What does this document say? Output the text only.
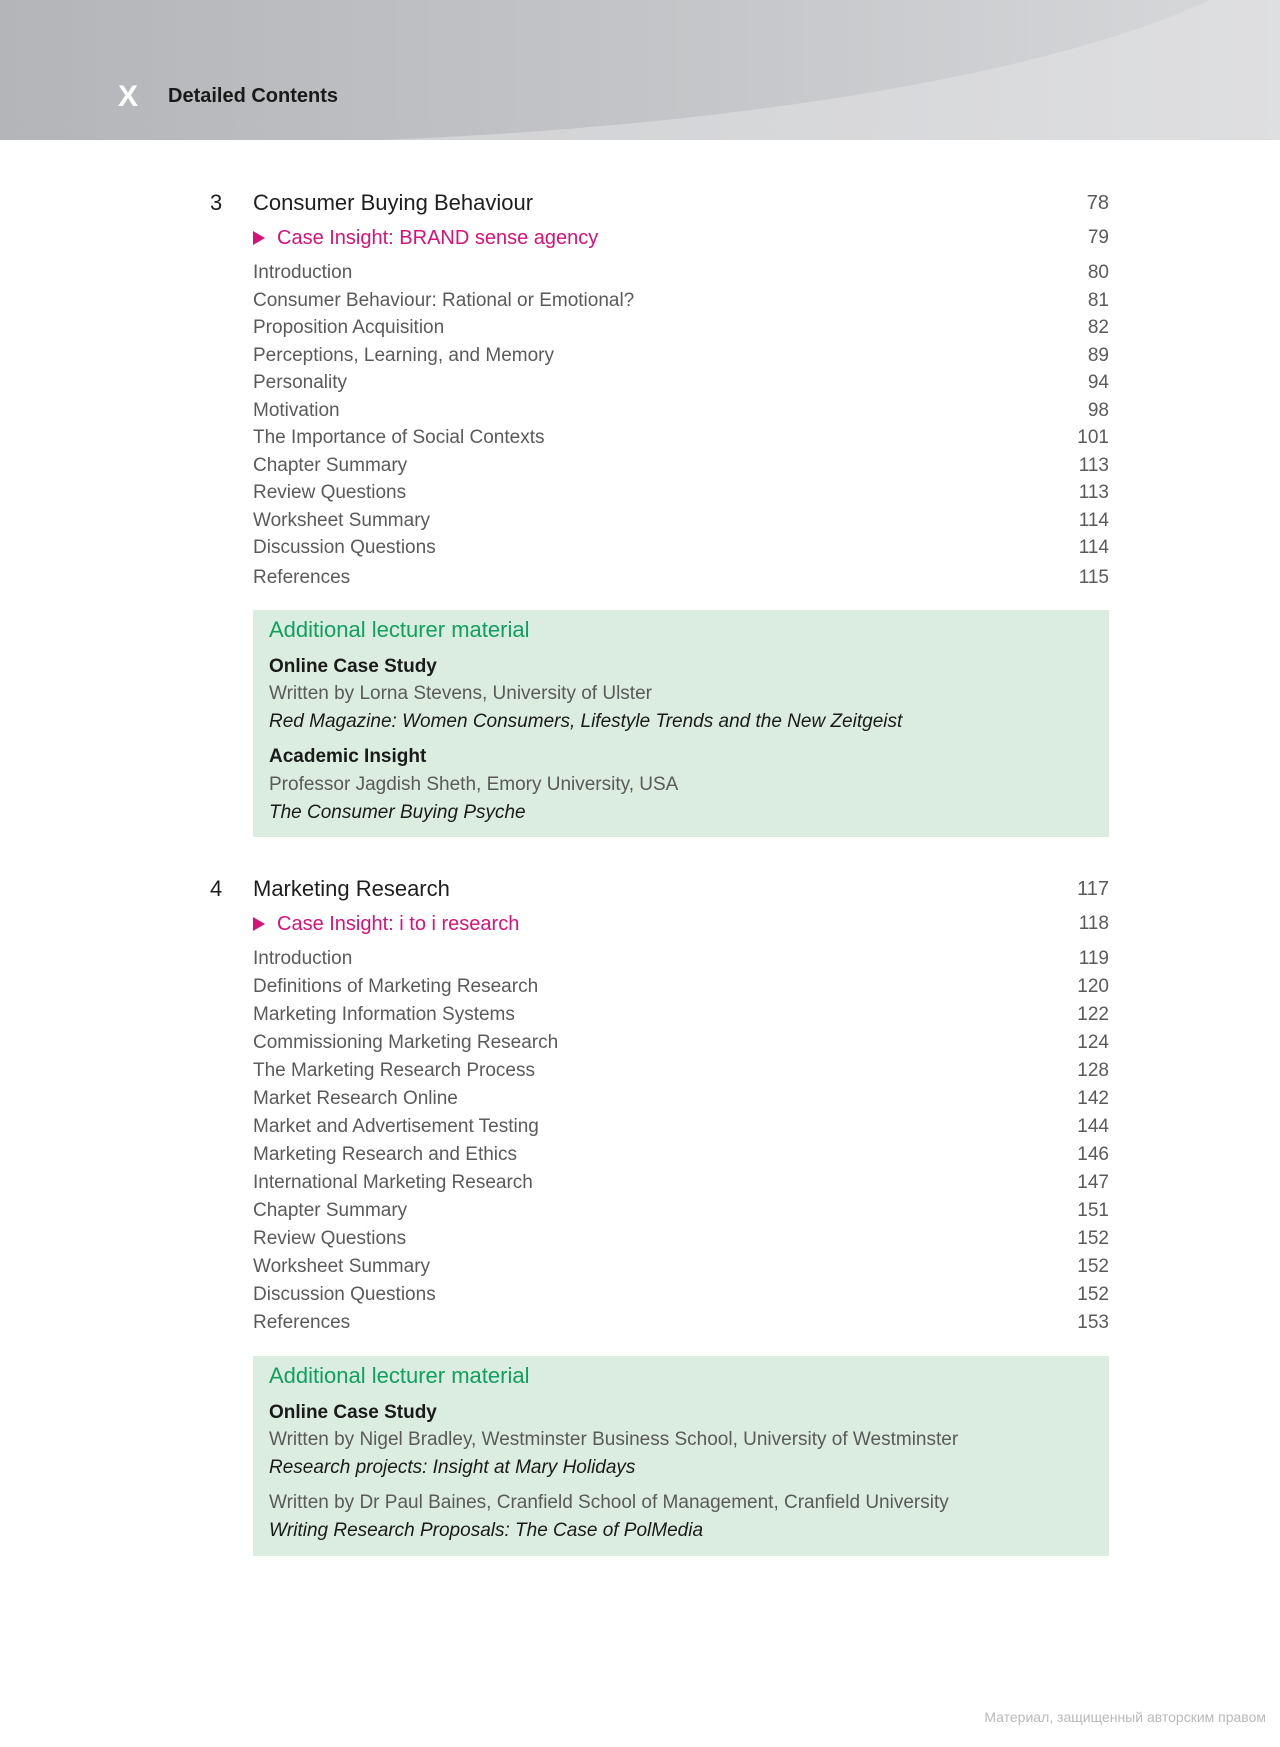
X Detailed Contents
3 Consumer Buying Behaviour	78
Case Insight: BRAND sense agency	79
Introduction	80
Consumer Behaviour: Rational or Emotional?	81
Proposition Acquisition	82
Perceptions, Learning, and Memory	89
Personality	94
Motivation	98
The Importance of Social Contexts	101
Chapter Summary	113
Review Questions	113
Worksheet Summary	114
Discussion Questions	114
References	115
Additional lecturer material
Online Case Study
Written by Lorna Stevens, University of Ulster
Red Magazine: Women Consumers, Lifestyle Trends and the New Zeitgeist
Academic Insight
Professor Jagdish Sheth, Emory University, USA
The Consumer Buying Psyche
4 Marketing Research	117
Case Insight: i to i research	118
Introduction	119
Definitions of Marketing Research	120
Marketing Information Systems	122
Commissioning Marketing Research	124
The Marketing Research Process	128
Market Research Online	142
Market and Advertisement Testing	144
Marketing Research and Ethics	146
International Marketing Research	147
Chapter Summary	151
Review Questions	152
Worksheet Summary	152
Discussion Questions	152
References	153
Additional lecturer material
Online Case Study
Written by Nigel Bradley, Westminster Business School, University of Westminster
Research projects: Insight at Mary Holidays
Written by Dr Paul Baines, Cranfield School of Management, Cranfield University
Writing Research Proposals: The Case of PolMedia
Материал, защищенный авторским правом
